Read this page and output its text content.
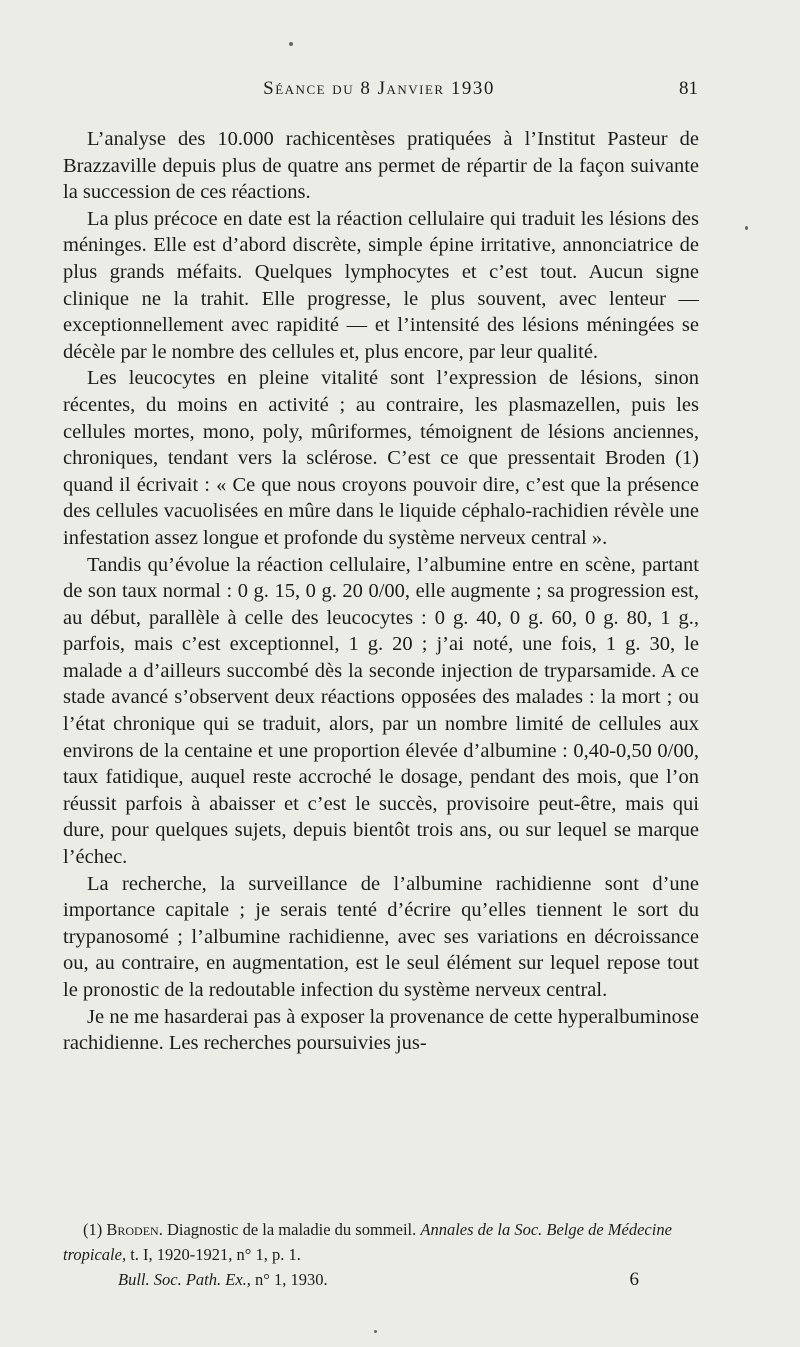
Séance du 8 Janvier 1930	81

L’analyse des 10.000 rachicentèses pratiquées à l’Institut Pasteur de Brazzaville depuis plus de quatre ans permet de répartir de la façon suivante la succession de ces réactions.

La plus précoce en date est la réaction cellulaire qui traduit les lésions des méninges. Elle est d’abord discrète, simple épine irritative, annonciatrice de plus grands méfaits. Quelques lymphocytes et c’est tout. Aucun signe clinique ne la trahit. Elle progresse, le plus souvent, avec lenteur — exceptionnellement avec rapidité — et l’intensité des lésions méningées se décèle par le nombre des cellules et, plus encore, par leur qualité.

Les leucocytes en pleine vitalité sont l’expression de lésions, sinon récentes, du moins en activité ; au contraire, les plasmazellen, puis les cellules mortes, mono, poly, mûriformes, témoignent de lésions anciennes, chroniques, tendant vers la sclérose. C’est ce que pressentait Broden (1) quand il écrivait : « Ce que nous croyons pouvoir dire, c’est que la présence des cellules vacuolisées en mûre dans le liquide céphalo-rachidien révèle une infestation assez longue et profonde du système nerveux central ».

Tandis qu’évolue la réaction cellulaire, l’albumine entre en scène, partant de son taux normal : 0 g. 15, 0 g. 20 0/00, elle augmente ; sa progression est, au début, parallèle à celle des leucocytes : 0 g. 40, 0 g. 60, 0 g. 80, 1 g., parfois, mais c’est exceptionnel, 1 g. 20 ; j’ai noté, une fois, 1 g. 30, le malade a d’ailleurs succombé dès la seconde injection de tryparsamide. A ce stade avancé s’observent deux réactions opposées des malades : la mort ; ou l’état chronique qui se traduit, alors, par un nombre limité de cellules aux environs de la centaine et une proportion élevée d’albumine : 0,40-0,50 0/00, taux fatidique, auquel reste accroché le dosage, pendant des mois, que l’on réussit parfois à abaisser et c’est le succès, provisoire peut-être, mais qui dure, pour quelques sujets, depuis bientôt trois ans, ou sur lequel se marque l’échec.

La recherche, la surveillance de l’albumine rachidienne sont d’une importance capitale ; je serais tenté d’écrire qu’elles tiennent le sort du trypanosomé ; l’albumine rachidienne, avec ses variations en décroissance ou, au contraire, en augmentation, est le seul élément sur lequel repose tout le pronostic de la redoutable infection du système nerveux central.

Je ne me hasarderai pas à exposer la provenance de cette hyperalbuminose rachidienne. Les recherches poursuivies jus-

(1) Broden. Diagnostic de la maladie du sommeil. Annales de la Soc. Belge de Médecine tropicale, t. I, 1920-1921, n° 1, p. 1.

Bull. Soc. Path. Ex., n° 1, 1930.	6
